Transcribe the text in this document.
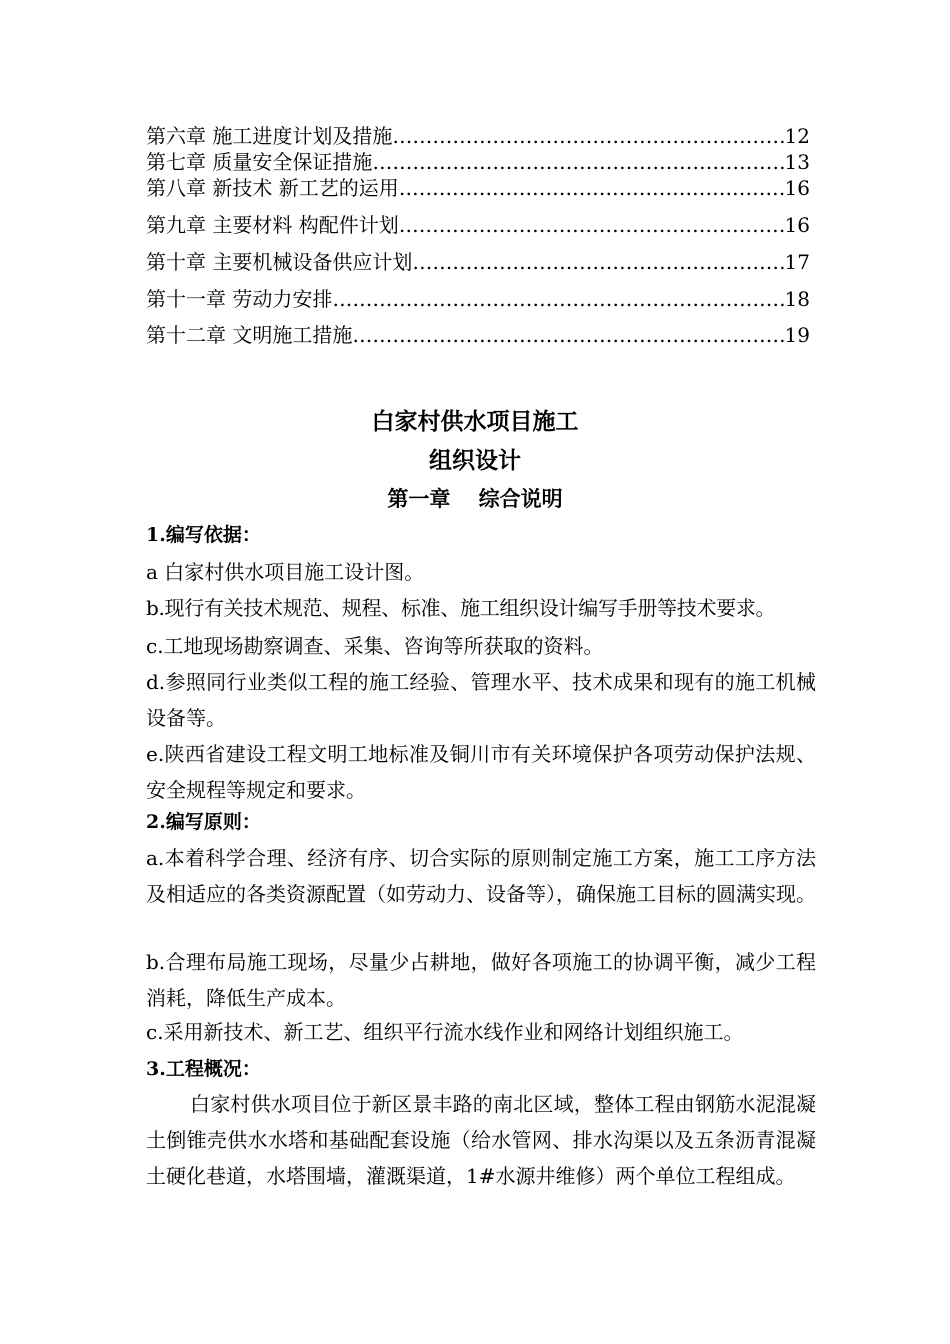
第六章 施工进度计划及措施 …………………………………………………………………………………………	12
第七章 质量安全保证措施 …………………………………………………………………………………………	13
第八章 新技术 新工艺的运用 …………………………………………………………………………………………	16
第九章 主要材料 构配件计划 …………………………………………………………………………………………	16
第十章 主要机械设备供应计划 …………………………………………………………………………………………	17
第十一章 劳动力安排 …………………………………………………………………………………………	18
第十二章 文明施工措施 …………………………………………………………………………………………	19
白家村供水项目施工
组织设计
第一章　 综合说明
1.编写依据：
a 白家村供水项目施工设计图。
b.现行有关技术规范、规程、标准、施工组织设计编写手册等技术要求。
c.工地现场勘察调查、采集、咨询等所获取的资料。
d.参照同行业类似工程的施工经验、管理水平、技术成果和现有的施工机械设备等。
e.陕西省建设工程文明工地标准及铜川市有关环境保护各项劳动保护法规、安全规程等规定和要求。
2.编写原则：
a.本着科学合理、经济有序、切合实际的原则制定施工方案，施工工序方法及相适应的各类资源配置（如劳动力、设备等），确保施工目标的圆满实现。
b.合理布局施工现场，尽量少占耕地，做好各项施工的协调平衡，减少工程消耗，降低生产成本。
c.采用新技术、新工艺、组织平行流水线作业和网络计划组织施工。
3.工程概况：
白家村供水项目位于新区景丰路的南北区域，整体工程由钢筋水泥混凝土倒锥壳供水水塔和基础配套设施（给水管网、排水沟渠以及五条沥青混凝土硬化巷道，水塔围墙，灌溉渠道，1#水源井维修）两个单位工程组成。
